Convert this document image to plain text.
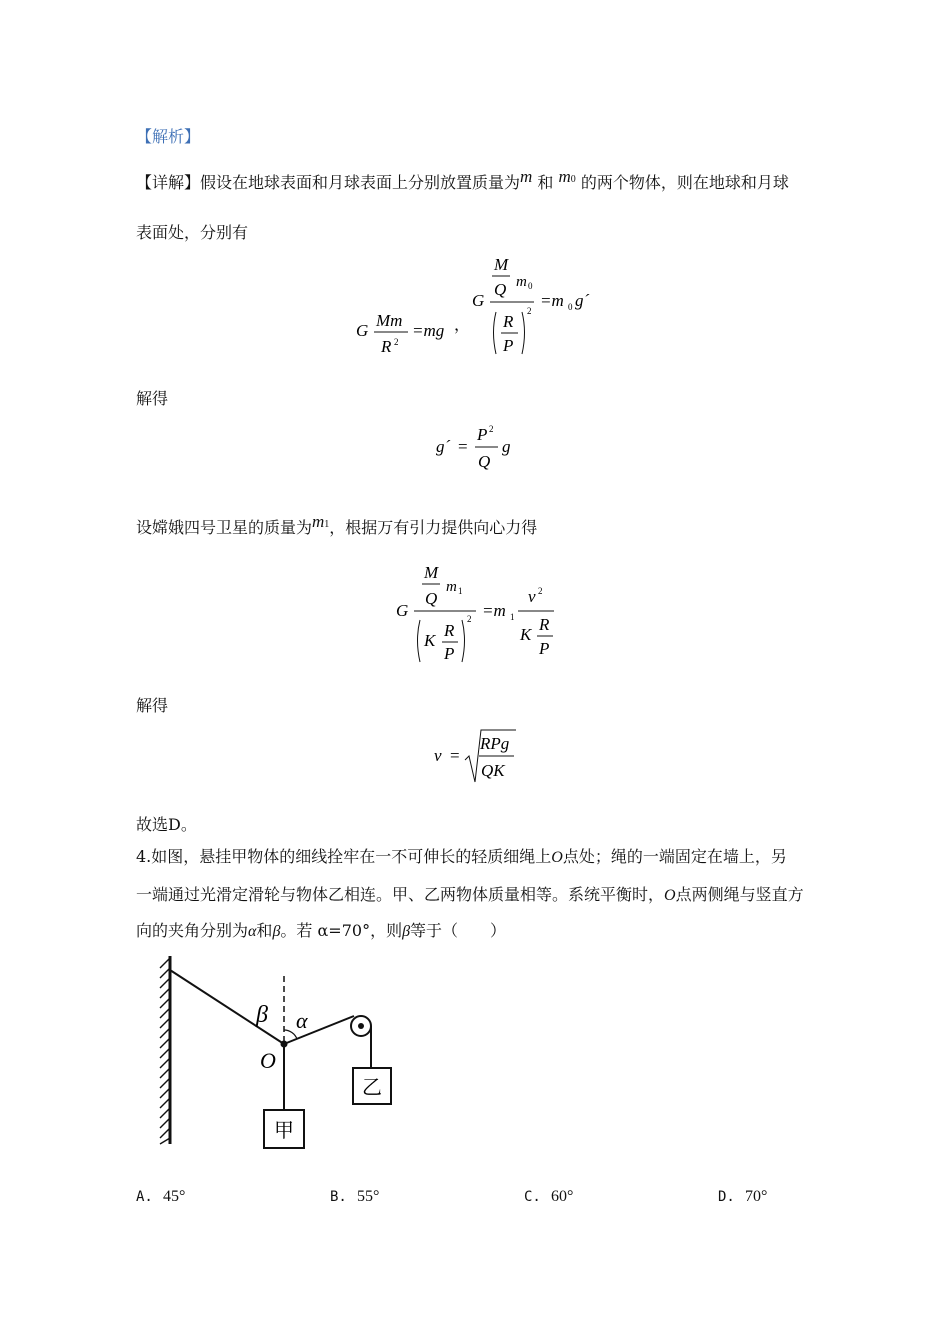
【解析】
【详解】假设在地球表面和月球表面上分别放置质量为m 和 m0 的两个物体，则在地球和月球
表面处，分别有
G
Mm
R 2
=mg ，
G
M
Q m 0
R
P
2
=m 0 g´
解得
g´ =
P 2
Q
g
设嫦娥四号卫星的质量为m1，根据万有引力提供向心力得
G
M
Q
m 1
K
R
P
2 =m 1
v 2
K
R
P
解得
v =
RPg
QK
故选D。
4.如图，悬挂甲物体的细线拴牢在一不可伸长的轻质细绳上O点处；绳的一端固定在墙上，另
一端通过光滑定滑轮与物体乙相连。甲、乙两物体质量相等。系统平衡时，O点两侧绳与竖直方
向的夹角分别为α和β。若 α=70°，则β等于（　　）
乙
甲
β α
O
A. 45°	B. 55°	C. 60°	D. 70°
